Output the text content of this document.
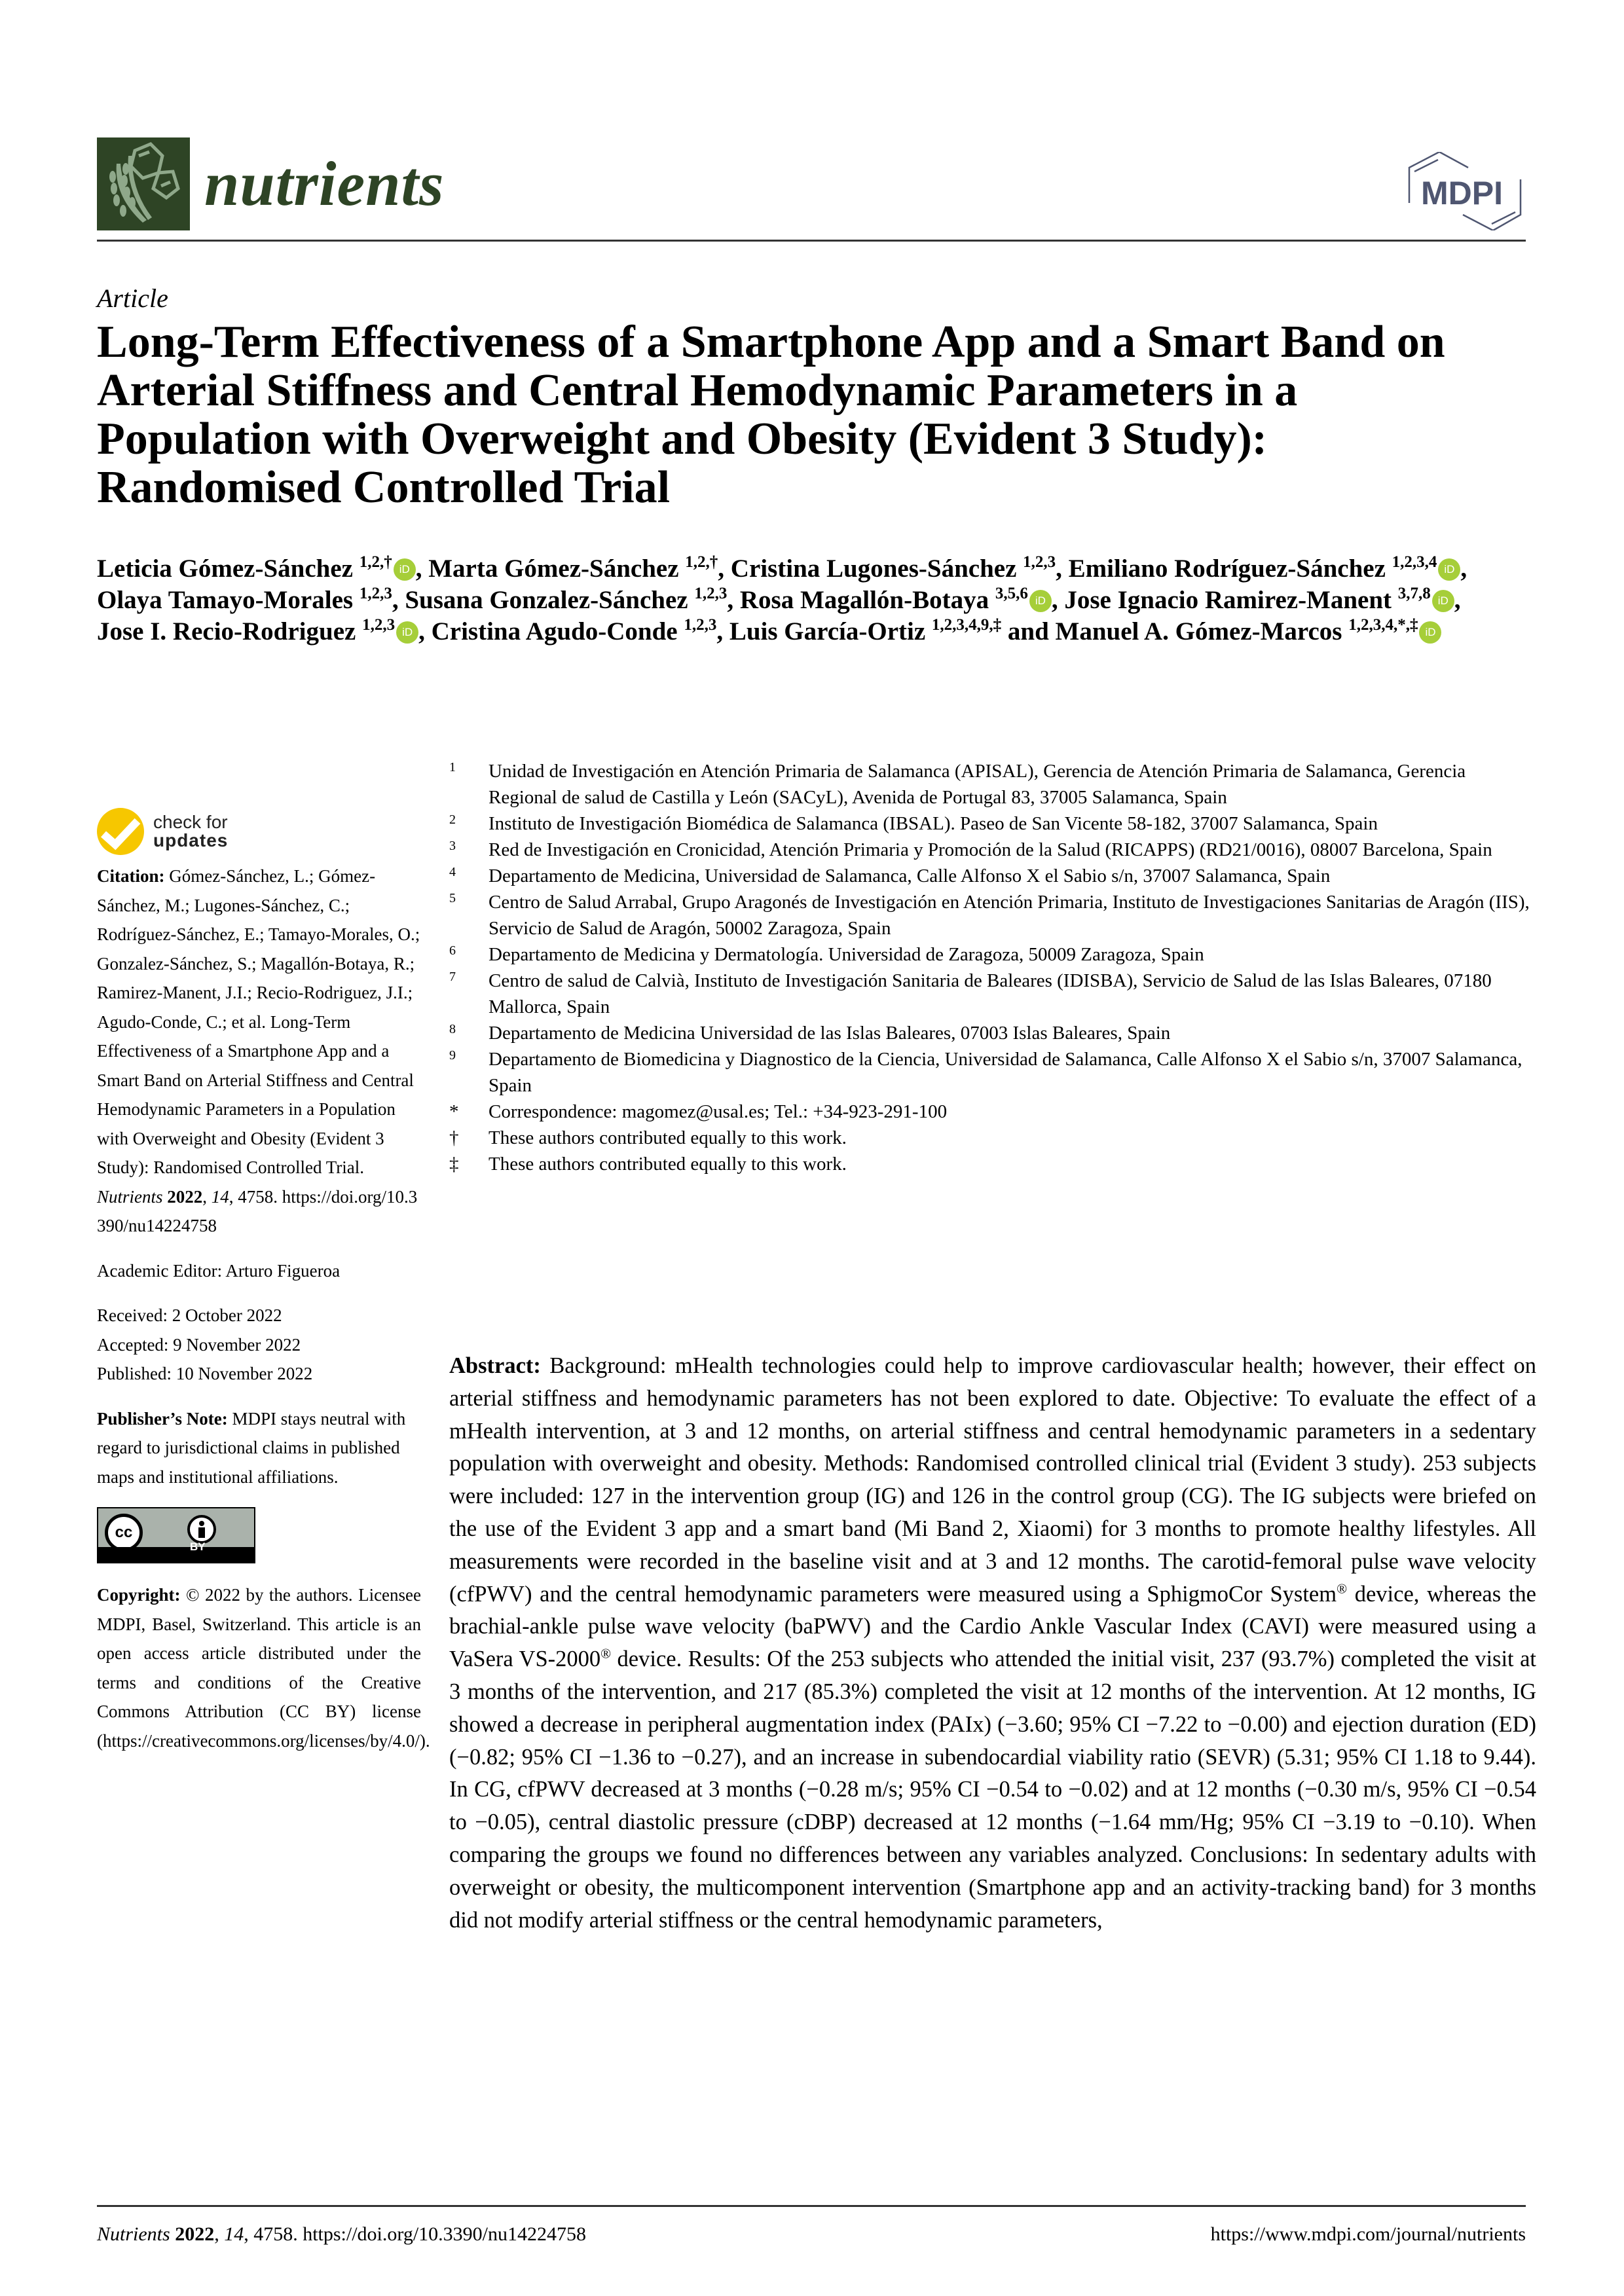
nutrients	MDPI
Article
Long-Term Effectiveness of a Smartphone App and a Smart Band on Arterial Stiffness and Central Hemodynamic Parameters in a Population with Overweight and Obesity (Evident 3 Study): Randomised Controlled Trial
Leticia Gómez-Sánchez $^{1,2,\dagger}$ iD , Marta Gómez-Sánchez $^{1,2,\dagger}$, Cristina Lugones-Sánchez $^{1,2,3}$, Emiliano Rodríguez-Sánchez $^{1,2,3,4}$ iD , Olaya Tamayo-Morales $^{1,2,3}$, Susana Gonzalez-Sánchez $^{1,2,3}$, Rosa Magallón-Botaya $^{3,5,6}$ iD , Jose Ignacio Ramirez-Manent $^{3,7,8}$ iD , Jose I. Recio-Rodriguez $^{1,2,3}$ iD , Cristina Agudo-Conde $^{1,2,3}$, Luis García-Ortiz $^{1,2,3,4,9,\ddagger}$ and Manuel A. Gómez-Marcos $^{1,2,3,4,*,\ddagger}$ iD
check for
updates
Citation: Gómez-Sánchez, L.; Gómez-Sánchez, M.; Lugones-Sánchez, C.; Rodríguez-Sánchez, E.; Tamayo-Morales, O.; Gonzalez-Sánchez, S.; Magallón-Botaya, R.; Ramirez-Manent, J.I.; Recio-Rodriguez, J.I.; Agudo-Conde, C.; et al. Long-Term Effectiveness of a Smartphone App and a Smart Band on Arterial Stiffness and Central Hemodynamic Parameters in a Population with Overweight and Obesity (Evident 3 Study): Randomised Controlled Trial. Nutrients 2022, 14, 4758. https://doi.org/10.3390/nu14224758
Academic Editor: Arturo Figueroa
Received: 2 October 2022
Accepted: 9 November 2022
Published: 10 November 2022
Publisher’s Note: MDPI stays neutral with regard to jurisdictional claims in published maps and institutional affiliations.
cc
BY
Copyright: © 2022 by the authors. Licensee MDPI, Basel, Switzerland. This article is an open access article distributed under the terms and conditions of the Creative Commons Attribution (CC BY) license (https://creativecommons.org/licenses/by/4.0/).
1	Unidad de Investigación en Atención Primaria de Salamanca (APISAL), Gerencia de Atención Primaria de Salamanca, Gerencia Regional de salud de Castilla y León (SACyL), Avenida de Portugal 83, 37005 Salamanca, Spain
2	Instituto de Investigación Biomédica de Salamanca (IBSAL). Paseo de San Vicente 58-182, 37007 Salamanca, Spain
3	Red de Investigación en Cronicidad, Atención Primaria y Promoción de la Salud (RICAPPS) (RD21/0016), 08007 Barcelona, Spain
4	Departamento de Medicina, Universidad de Salamanca, Calle Alfonso X el Sabio s/n, 37007 Salamanca, Spain
5	Centro de Salud Arrabal, Grupo Aragonés de Investigación en Atención Primaria, Instituto de Investigaciones Sanitarias de Aragón (IIS), Servicio de Salud de Aragón, 50002 Zaragoza, Spain
6	Departamento de Medicina y Dermatología. Universidad de Zaragoza, 50009 Zaragoza, Spain
7	Centro de salud de Calvià, Instituto de Investigación Sanitaria de Baleares (IDISBA), Servicio de Salud de las Islas Baleares, 07180 Mallorca, Spain
8	Departamento de Medicina Universidad de las Islas Baleares, 07003 Islas Baleares, Spain
9	Departamento de Biomedicina y Diagnostico de la Ciencia, Universidad de Salamanca, Calle Alfonso X el Sabio s/n, 37007 Salamanca, Spain
*	Correspondence: magomez@usal.es; Tel.: +34-923-291-100
†	These authors contributed equally to this work.
‡	These authors contributed equally to this work.
Abstract: Background: mHealth technologies could help to improve cardiovascular health; however, their effect on arterial stiffness and hemodynamic parameters has not been explored to date. Objective: To evaluate the effect of a mHealth intervention, at 3 and 12 months, on arterial stiffness and central hemodynamic parameters in a sedentary population with overweight and obesity. Methods: Randomised controlled clinical trial (Evident 3 study). 253 subjects were included: 127 in the intervention group (IG) and 126 in the control group (CG). The IG subjects were briefed on the use of the Evident 3 app and a smart band (Mi Band 2, Xiaomi) for 3 months to promote healthy lifestyles. All measurements were recorded in the baseline visit and at 3 and 12 months. The carotid-femoral pulse wave velocity (cfPWV) and the central hemodynamic parameters were measured using a SphigmoCor System® device, whereas the brachial-ankle pulse wave velocity (baPWV) and the Cardio Ankle Vascular Index (CAVI) were measured using a VaSera VS-2000® device. Results: Of the 253 subjects who attended the initial visit, 237 (93.7%) completed the visit at 3 months of the intervention, and 217 (85.3%) completed the visit at 12 months of the intervention. At 12 months, IG showed a decrease in peripheral augmentation index (PAIx) (−3.60; 95% CI −7.22 to −0.00) and ejection duration (ED) (−0.82; 95% CI −1.36 to −0.27), and an increase in subendocardial viability ratio (SEVR) (5.31; 95% CI 1.18 to 9.44). In CG, cfPWV decreased at 3 months (−0.28 m/s; 95% CI −0.54 to −0.02) and at 12 months (−0.30 m/s, 95% CI −0.54 to −0.05), central diastolic pressure (cDBP) decreased at 12 months (−1.64 mm/Hg; 95% CI −3.19 to −0.10). When comparing the groups we found no differences between any variables analyzed. Conclusions: In sedentary adults with overweight or obesity, the multicomponent intervention (Smartphone app and an activity-tracking band) for 3 months did not modify arterial stiffness or the central hemodynamic parameters,
Nutrients 2022, 14, 4758. https://doi.org/10.3390/nu14224758	https://www.mdpi.com/journal/nutrients
